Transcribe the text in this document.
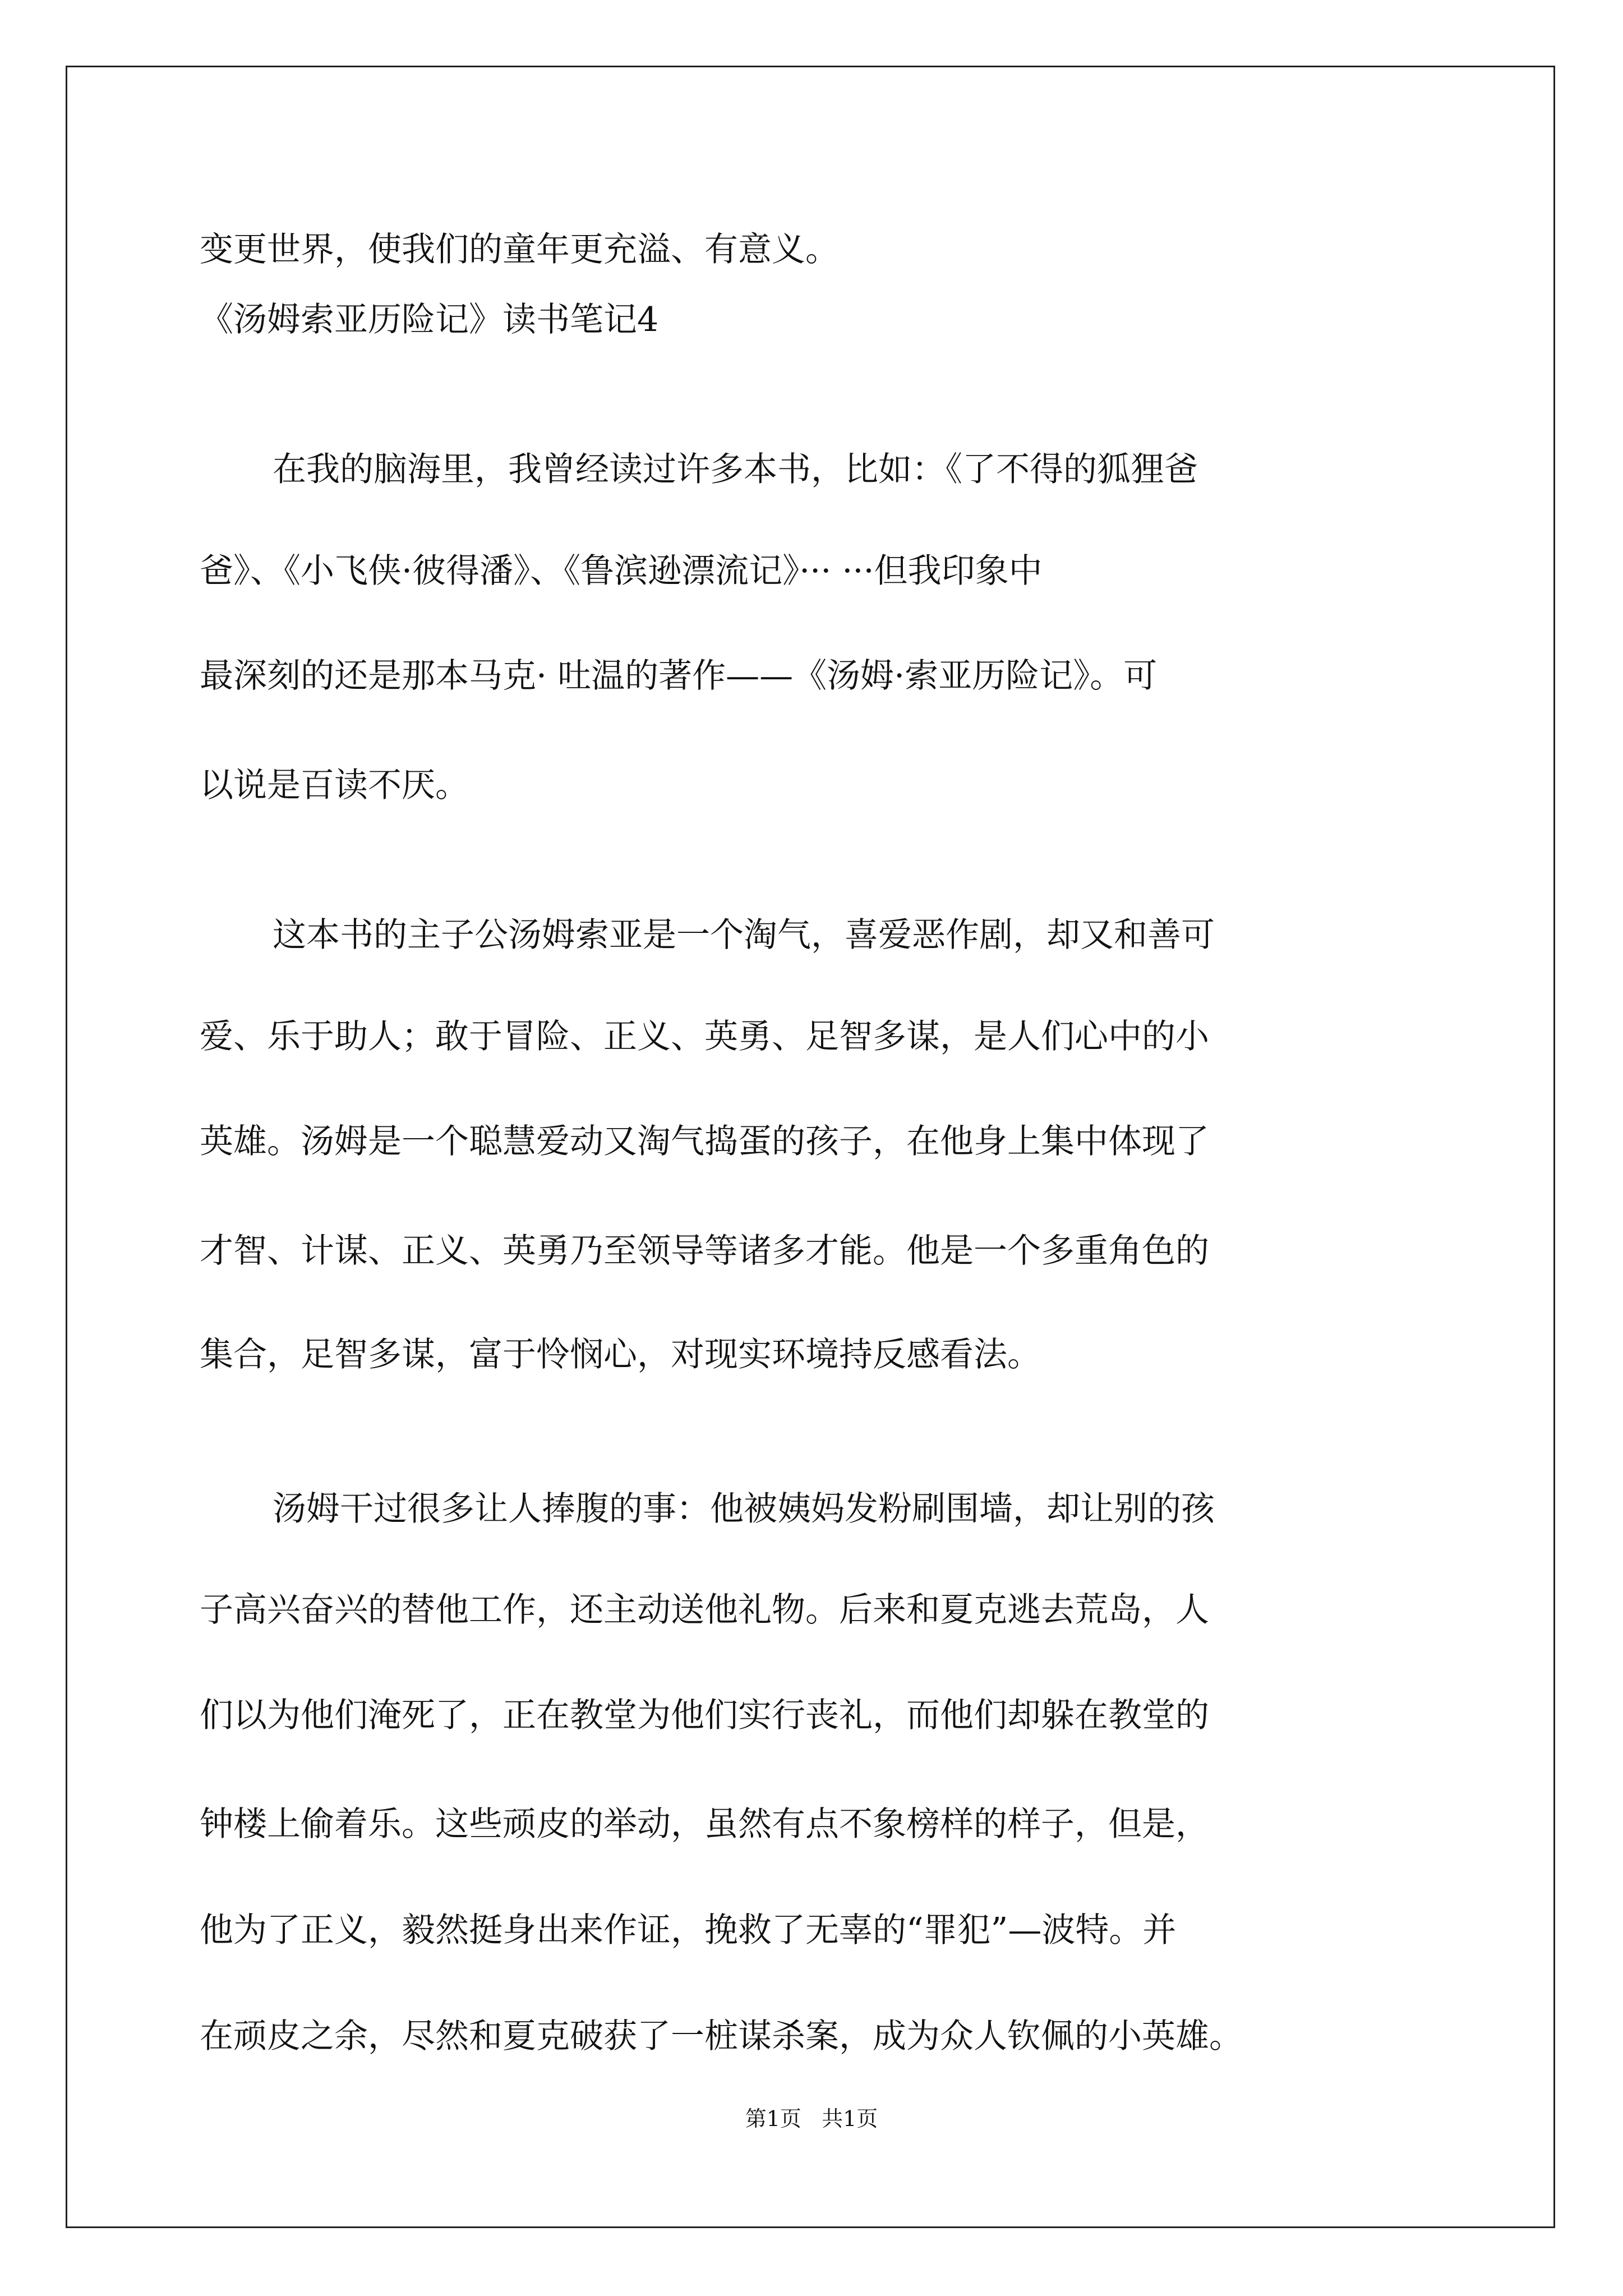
变更世界，使我们的童年更充溢、有意义。

《汤姆索亚历险记》读书笔记4

在我的脑海里，我曾经读过许多本书，比如：《了不得的狐狸爸

爸》、《小飞侠·彼得潘》、《鲁滨逊漂流记》··· ···但我印象中

最深刻的还是那本马克· 吐温的著作——《汤姆·索亚历险记》。可

以说是百读不厌。

这本书的主子公汤姆索亚是一个淘气，喜爱恶作剧，却又和善可

爱、乐于助人；敢于冒险、正义、英勇、足智多谋，是人们心中的小

英雄。汤姆是一个聪慧爱动又淘气捣蛋的孩子，在他身上集中体现了

才智、计谋、正义、英勇乃至领导等诸多才能。他是一个多重角色的

集合，足智多谋，富于怜悯心，对现实环境持反感看法。

汤姆干过很多让人捧腹的事：他被姨妈发粉刷围墙，却让别的孩

子高兴奋兴的替他工作，还主动送他礼物。后来和夏克逃去荒岛，人

们以为他们淹死了，正在教堂为他们实行丧礼，而他们却躲在教堂的

钟楼上偷着乐。这些顽皮的举动，虽然有点不象榜样的样子，但是，

他为了正义，毅然挺身出来作证，挽救了无辜的“罪犯”—波特。并

在顽皮之余，尽然和夏克破获了一桩谋杀案，成为众人钦佩的小英雄。

第1页   共1页
